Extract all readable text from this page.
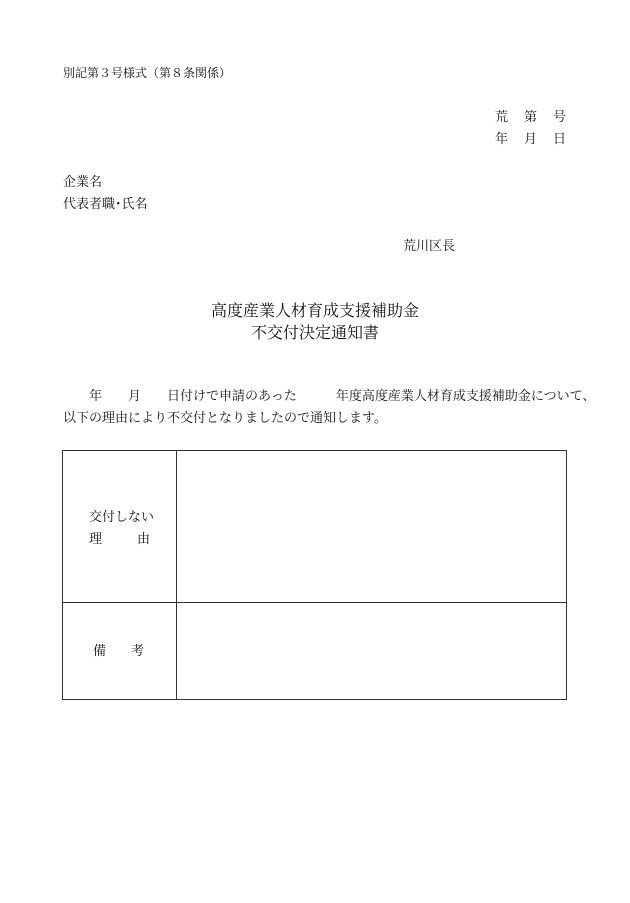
別記第３号様式（第８条関係）
荒 第 号
年 月 日
企業名
代表者職･氏名
荒川区長
高度産業人材育成支援補助金
不交付決定通知書
　　年　　月　　日付けで申請のあった　　　年度高度産業人材育成支援補助金について、
以下の理由により不交付となりましたので通知します。
交付しない
理	由
備 考
